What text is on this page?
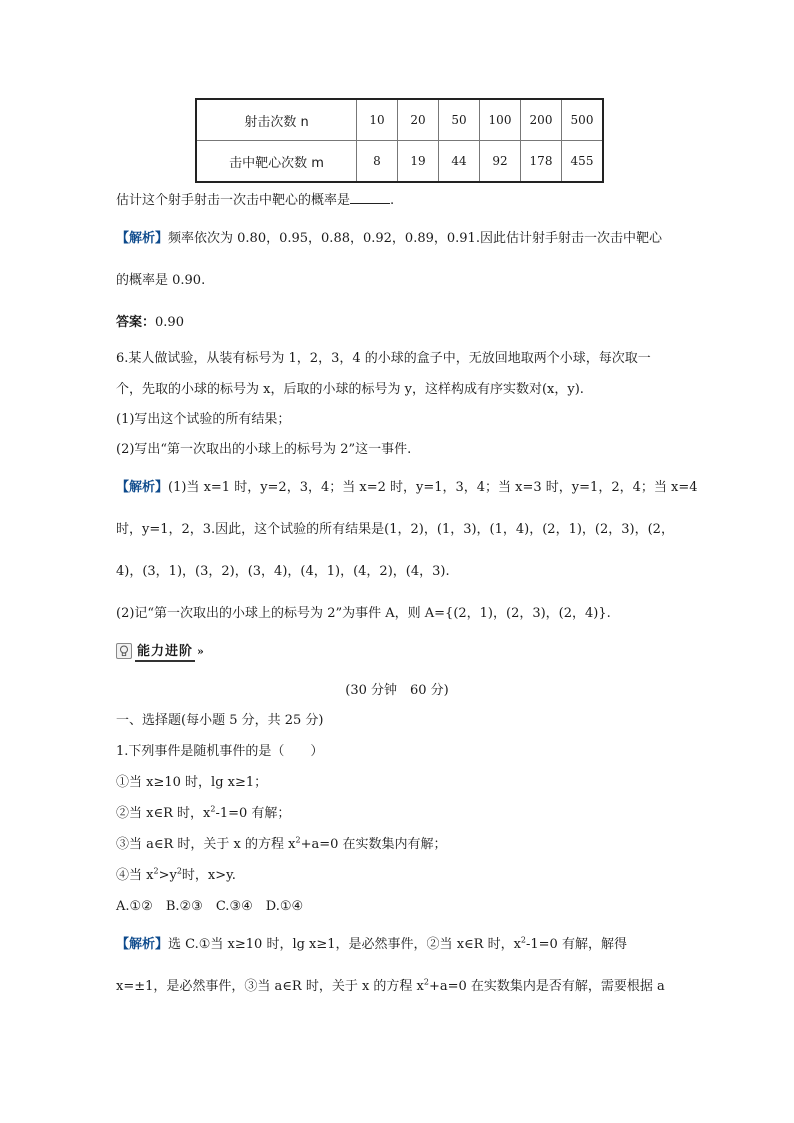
射击次数 n	10	20	50	100	200	500
击中靶心次数 m	8	19	44	92	178	455
估计这个射手射击一次击中靶心的概率是	.
【解析】频率依次为 0.80，0.95，0.88，0.92，0.89，0.91.因此估计射手射击一次击中靶心
的概率是 0.90.
答案：0.90
6.某人做试验，从装有标号为 1，2，3，4 的小球的盒子中，无放回地取两个小球，每次取一
个，先取的小球的标号为 x，后取的小球的标号为 y，这样构成有序实数对(x，y).
(1)写出这个试验的所有结果；
(2)写出“第一次取出的小球上的标号为 2”这一事件.
【解析】(1)当 x=1 时，y=2，3，4；当 x=2 时，y=1，3，4；当 x=3 时，y=1，2，4；当 x=4
时，y=1，2，3.因此，这个试验的所有结果是(1，2)，(1，3)，(1，4)，(2，1)，(2，3)，(2，
4)，(3，1)，(3，2)，(3，4)，(4，1)，(4，2)，(4，3).
(2)记“第一次取出的小球上的标号为 2”为事件 A，则 A={(2，1)，(2，3)，(2，4)}.
能力进阶 »
(30 分钟　60 分)
一、选择题(每小题 5 分，共 25 分)
1.下列事件是随机事件的是（　　）
①当 x≥10 时，lg x≥1；
②当 x∈R 时，$x^2-1=0$ 有解；
③当 a∈R 时，关于 x 的方程 $x^2+a=0$ 在实数集内有解；
④当 $x^2>y^2$时，x>y.
A.①②　B.②③　C.③④　D.①④
【解析】选 C.①当 x≥10 时，lg x≥1，是必然事件，②当 x∈R 时，$x^2-1=0$ 有解，解得
x=±1，是必然事件，③当 a∈R 时，关于 x 的方程 $x^2+a=0$ 在实数集内是否有解，需要根据 a
